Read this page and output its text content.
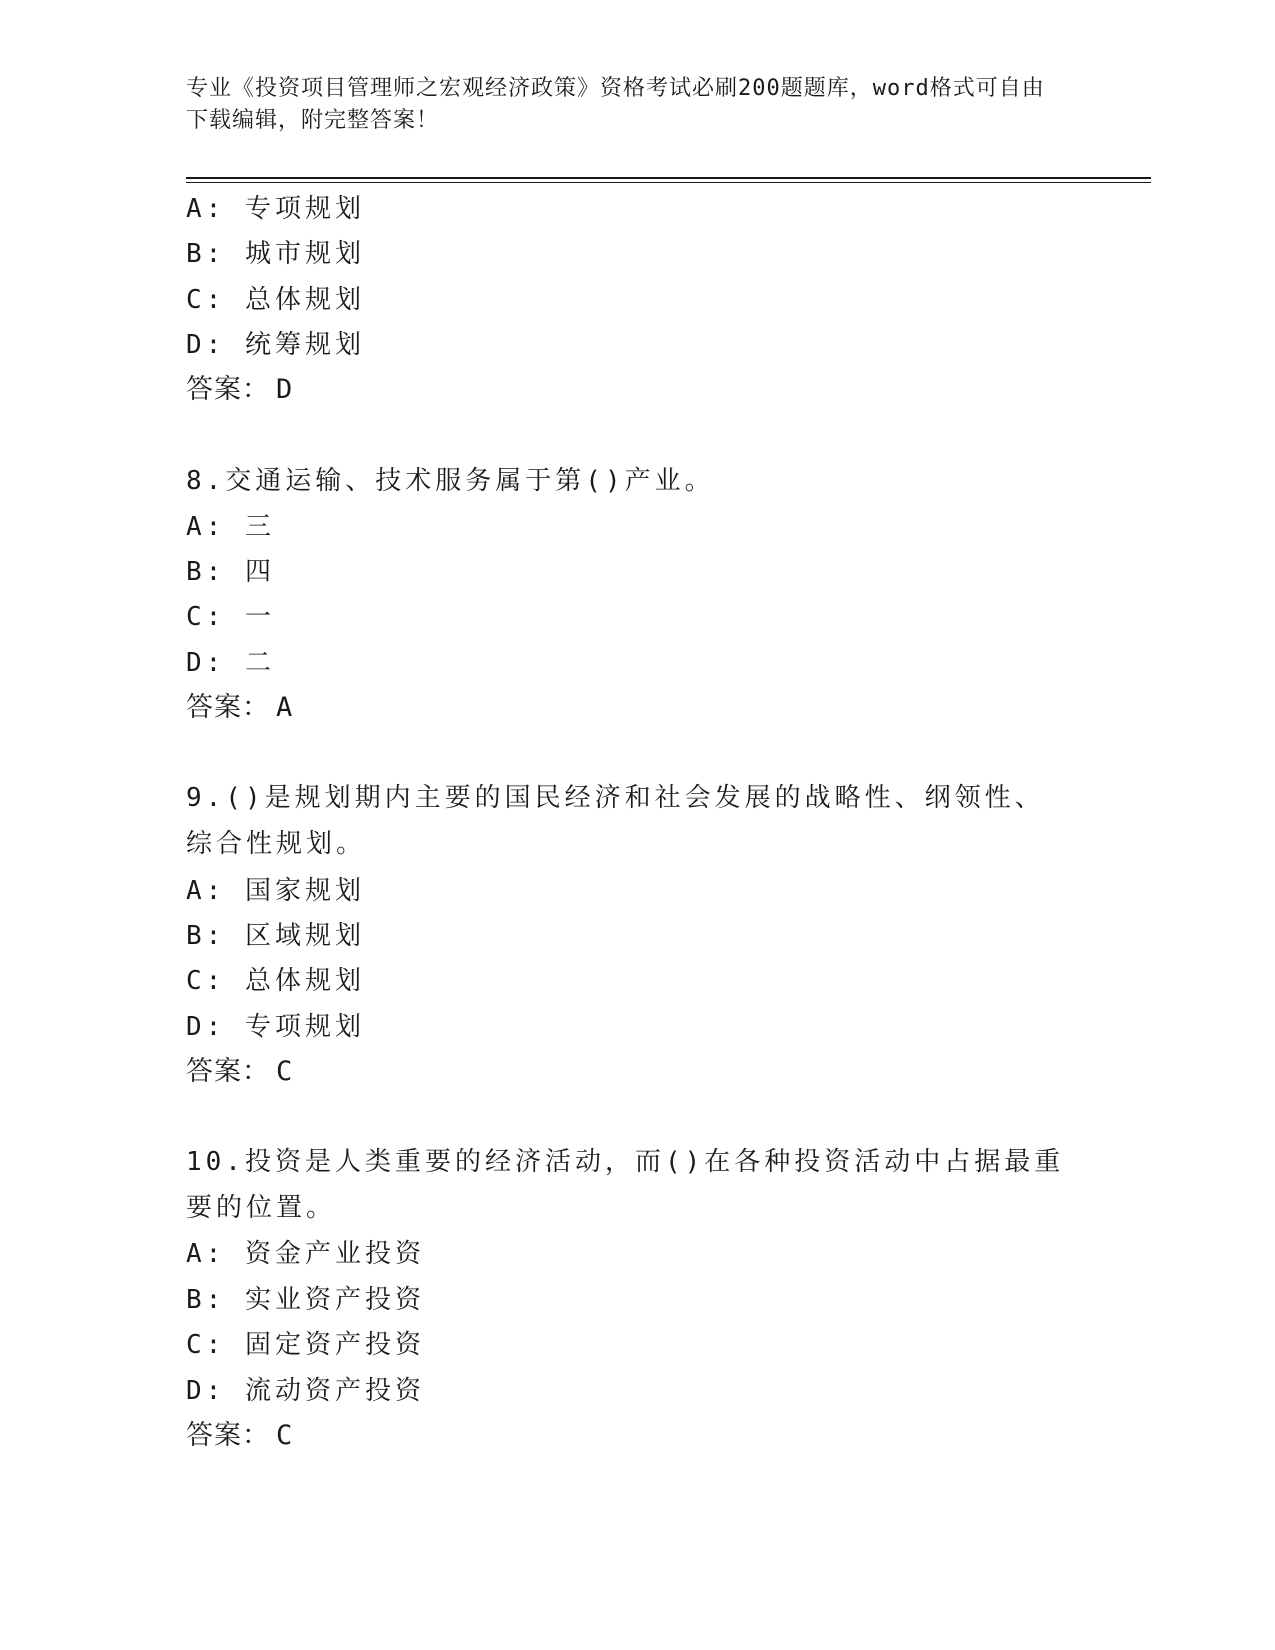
专业《投资项目管理师之宏观经济政策》资格考试必刷200题题库，word格式可自由下载编辑，附完整答案！
A: 专项规划
B: 城市规划
C: 总体规划
D: 统筹规划
答案： D
8.交通运输、技术服务属于第()产业。
A: 三
B: 四
C: 一
D: 二
答案： A
9.()是规划期内主要的国民经济和社会发展的战略性、纲领性、综合性规划。
A: 国家规划
B: 区域规划
C: 总体规划
D: 专项规划
答案： C
10.投资是人类重要的经济活动，而()在各种投资活动中占据最重要的位置。
A: 资金产业投资
B: 实业资产投资
C: 固定资产投资
D: 流动资产投资
答案： C
